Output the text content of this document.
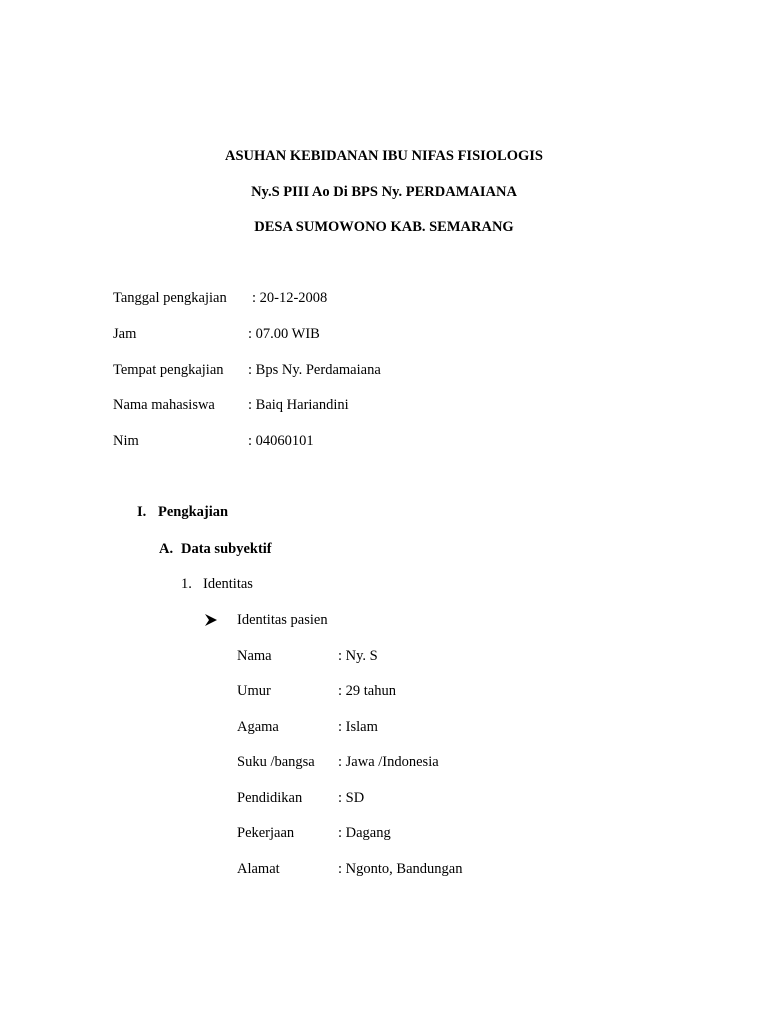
ASUHAN KEBIDANAN IBU NIFAS FISIOLOGIS
Ny.S PIII Ao Di BPS Ny. PERDAMAIANA
DESA SUMOWONO KAB. SEMARANG
Tanggal pengkajian : 20-12-2008
Jam	: 07.00 WIB
Tempat pengkajian : Bps Ny. Perdamaiana
Nama mahasiswa : Baiq Hariandini
Nim	: 04060101
I. Pengkajian
A. Data subyektif
1. Identitas
Identitas pasien
Nama	: Ny. S
Umur	: 29 tahun
Agama	: Islam
Suku /bangsa : Jawa /Indonesia
Pendidikan : SD
Pekerjaan	: Dagang
Alamat	: Ngonto, Bandungan
